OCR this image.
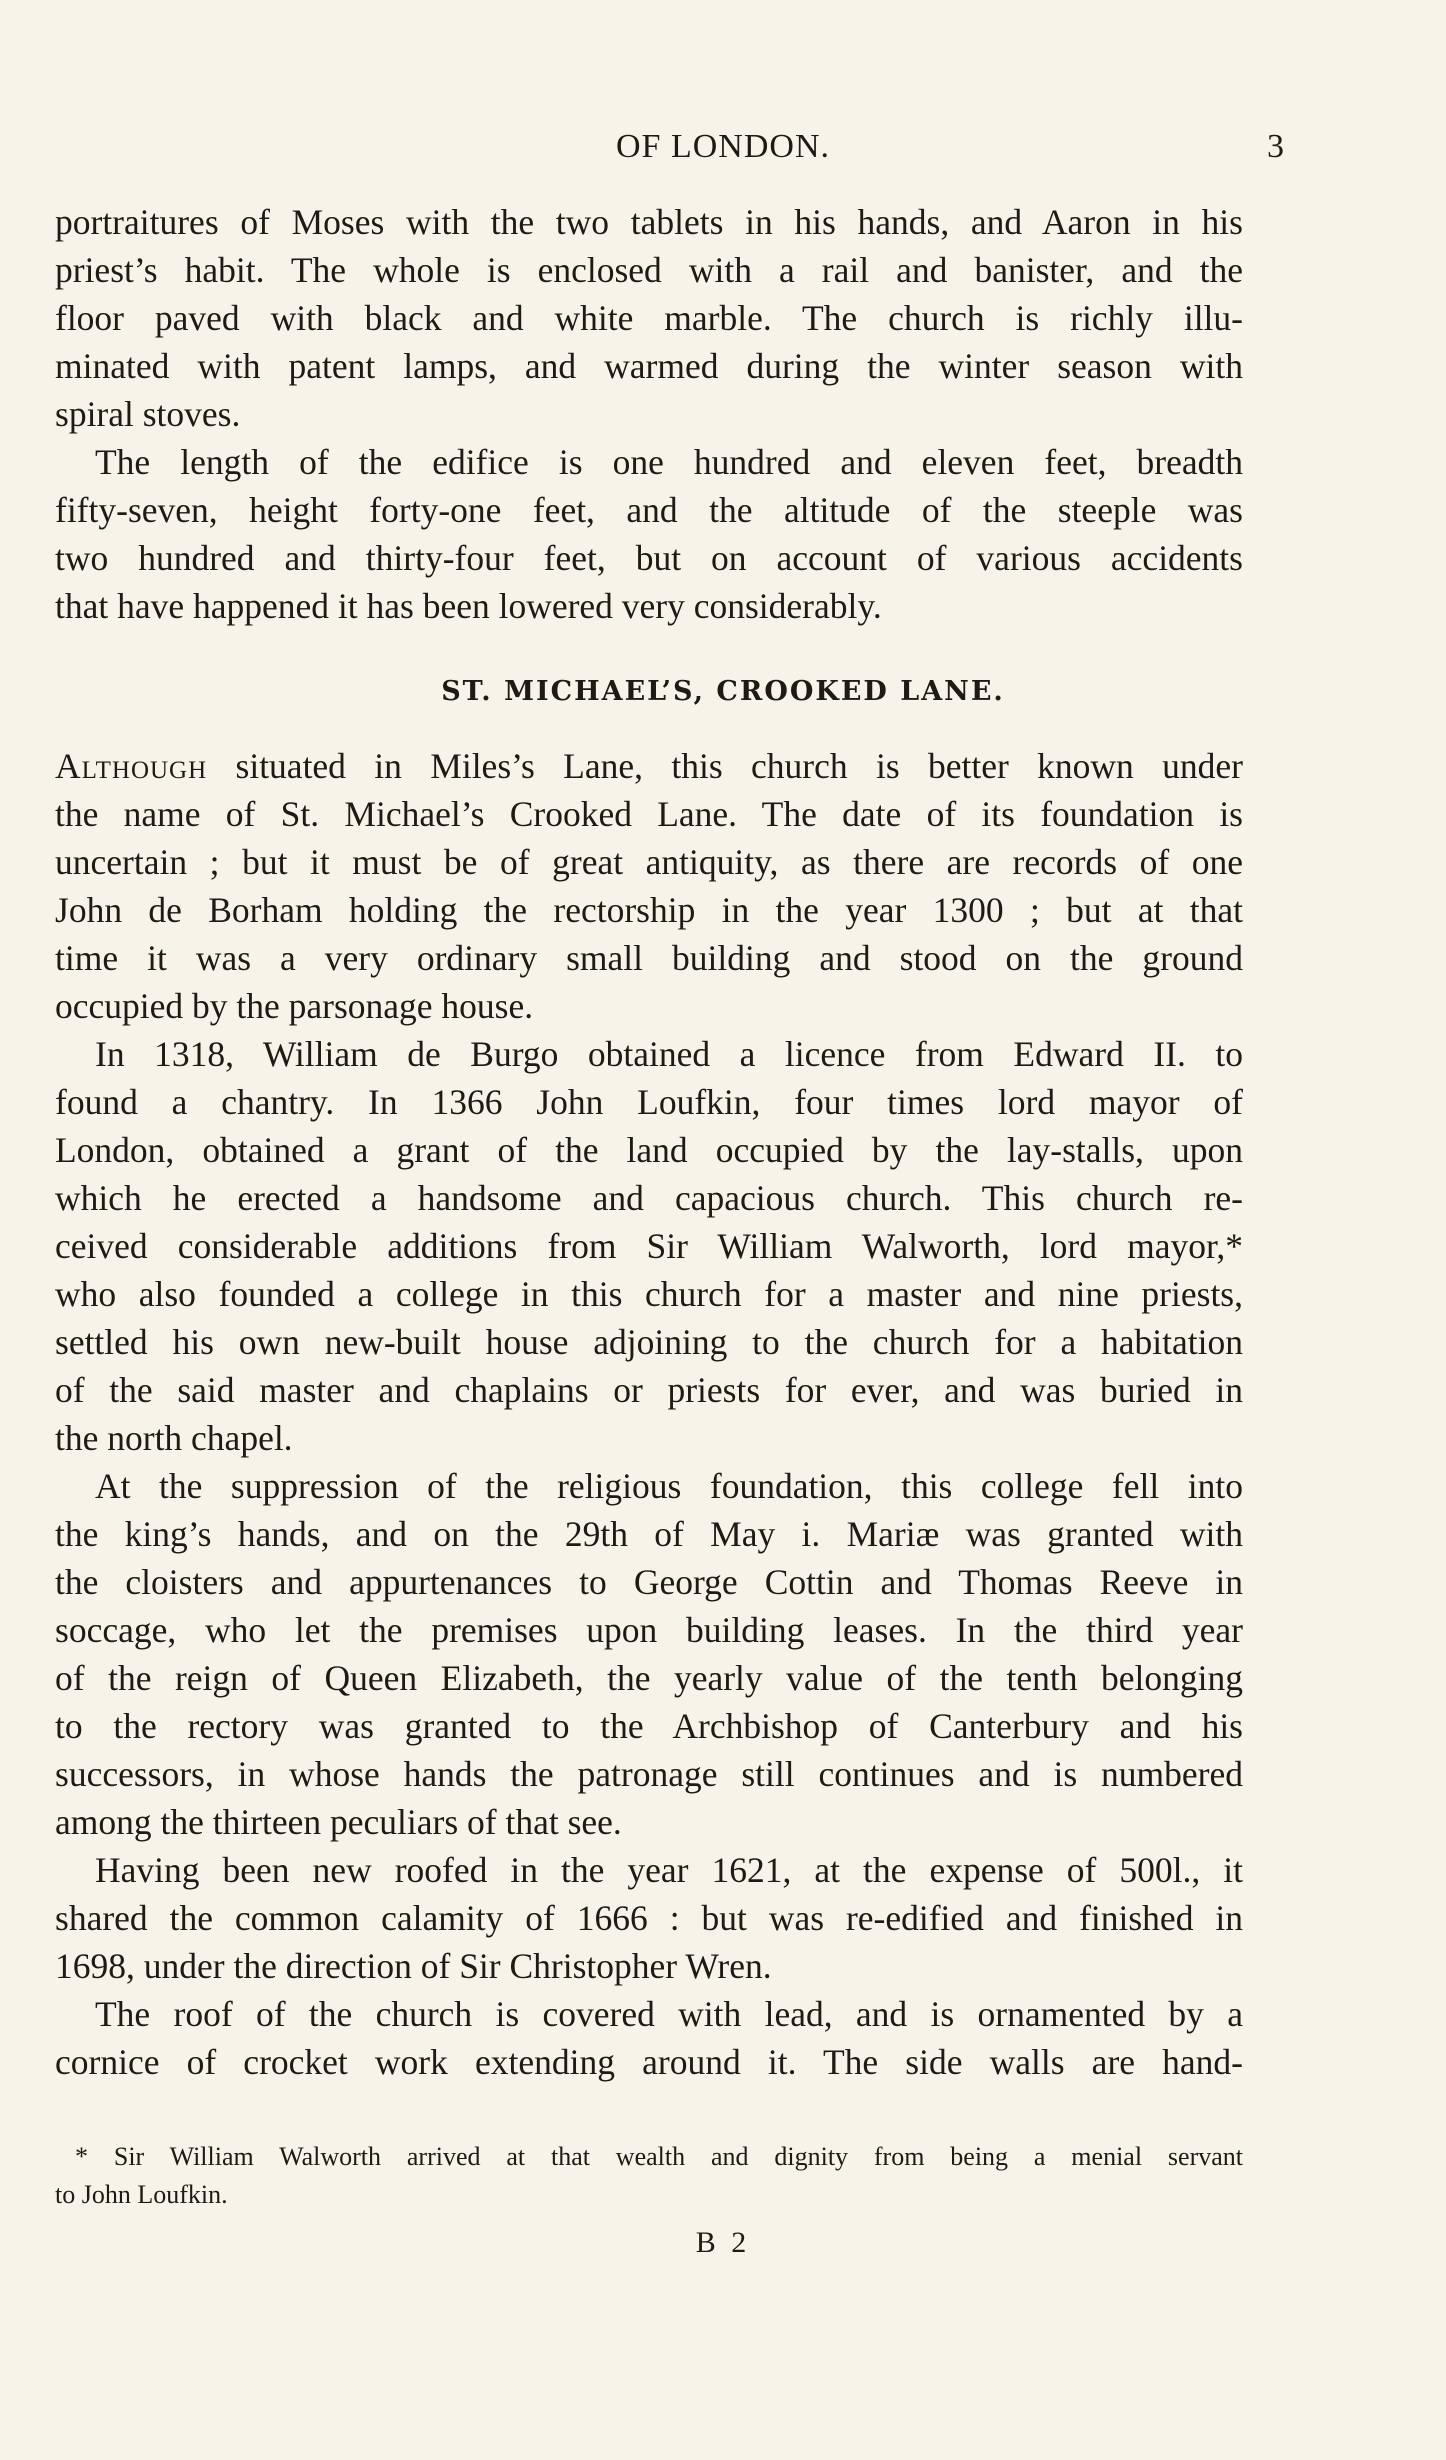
OF LONDON.	3
portraitures of Moses with the two tablets in his hands, and Aaron in his
priest’s habit. The whole is enclosed with a rail and banister, and the
floor paved with black and white marble. The church is richly illu-
minated with patent lamps, and warmed during the winter season with
spiral stoves.
The length of the edifice is one hundred and eleven feet, breadth
fifty-seven, height forty-one feet, and the altitude of the steeple was
two hundred and thirty-four feet, but on account of various accidents
that have happened it has been lowered very considerably.
ST. MICHAEL’S, CROOKED LANE.
Although situated in Miles’s Lane, this church is better known under
the name of St. Michael’s Crooked Lane. The date of its foundation is
uncertain ; but it must be of great antiquity, as there are records of one
John de Borham holding the rectorship in the year 1300 ; but at that
time it was a very ordinary small building and stood on the ground
occupied by the parsonage house.
In 1318, William de Burgo obtained a licence from Edward II. to
found a chantry. In 1366 John Loufkin, four times lord mayor of
London, obtained a grant of the land occupied by the lay-stalls, upon
which he erected a handsome and capacious church. This church re-
ceived considerable additions from Sir William Walworth, lord mayor,*
who also founded a college in this church for a master and nine priests,
settled his own new-built house adjoining to the church for a habitation
of the said master and chaplains or priests for ever, and was buried in
the north chapel.
At the suppression of the religious foundation, this college fell into
the king’s hands, and on the 29th of May i. Mariæ was granted with
the cloisters and appurtenances to George Cottin and Thomas Reeve in
soccage, who let the premises upon building leases. In the third year
of the reign of Queen Elizabeth, the yearly value of the tenth belonging
to the rectory was granted to the Archbishop of Canterbury and his
successors, in whose hands the patronage still continues and is numbered
among the thirteen peculiars of that see.
Having been new roofed in the year 1621, at the expense of 500l., it
shared the common calamity of 1666 : but was re-edified and finished in
1698, under the direction of Sir Christopher Wren.
The roof of the church is covered with lead, and is ornamented by a
cornice of crocket work extending around it. The side walls are hand-
* Sir William Walworth arrived at that wealth and dignity from being a menial servant
to John Loufkin.
B 2
